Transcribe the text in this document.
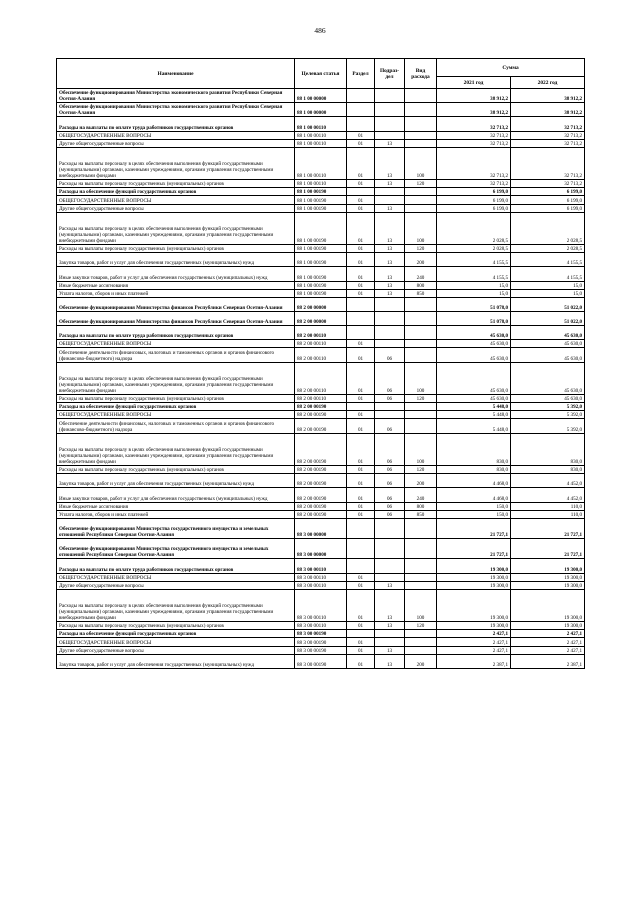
486
Наименование	Целевая статья	Раздел	Подраз-дел	Вид расхода	Сумма	
					2021 год	2022 год
Обеспечение функционирования Министерства экономического развития Республики Северная Осетия-Алания	88 1 00 00000				38 912,2	38 912,2
Обеспечение функционирования Министерства экономического развития Республики Северная Осетия-Алания	88 1 00 00000				38 912,2	38 912,2
Расходы на выплаты по оплате труда работников государственных органов	88 1 00 00110				32 713,2	32 713,2
ОБЩЕГОСУДАРСТВЕННЫЕ ВОПРОСЫ	88 1 00 00110	01			32 713,2	32 713,2
Другие общегосударственные вопросы	88 1 00 00110	01	13		32 713,2	32 713,2
Расходы на выплаты персоналу в целях обеспечения выполнения функций государственными (муниципальными) органами, казенными учреждениями, органами управления государственными внебюджетными фондами	88 1 00 00110	01	13	100	32 713,2	32 713,2
Расходы на выплаты персоналу государственных (муниципальных) органов	88 1 00 00110	01	13	120	32 713,2	32 713,2
Расходы на обеспечение функций государственных органов	88 1 00 00190				6 199,0	6 199,0
ОБЩЕГОСУДАРСТВЕННЫЕ ВОПРОСЫ	88 1 00 00190	01			6 199,0	6 199,0
Другие общегосударственные вопросы	88 1 00 00190	01	13		6 199,0	6 199,0
Расходы на выплаты персоналу в целях обеспечения выполнения функций государственными (муниципальными) органами, казенными учреждениями, органами управления государственными внебюджетными фондами	88 1 00 00190	01	13	100	2 028,5	2 028,5
Расходы на выплаты персоналу государственных (муниципальных) органов	88 1 00 00190	01	13	120	2 028,5	2 028,5
Закупка товаров, работ и услуг для обеспечения государственных (муниципальных) нужд	88 1 00 00190	01	13	200	4 155,5	4 155,5
Иные закупки товаров, работ и услуг для обеспечения государственных (муниципальных) нужд	88 1 00 00190	01	13	240	4 155,5	4 155,5
Иные бюджетные ассигнования	88 1 00 00190	01	13	800	15,0	15,0
Уплата налогов, сборов и иных платежей	88 1 00 00190	01	13	850	15,0	15,0
Обеспечение функционирования Министерства финансов Республики Северная Осетия-Алания	88 2 00 00000				51 078,0	51 022,0
Обеспечение функционирования Министерства финансов Республики Северная Осетия-Алания	88 2 00 00000				51 078,0	51 022,0
Расходы на выплаты по оплате труда работников государственных органов	88 2 00 00110				45 630,0	45 630,0
ОБЩЕГОСУДАРСТВЕННЫЕ ВОПРОСЫ	88 2 00 00110	01			45 630,0	45 630,0
Обеспечение деятельности финансовых, налоговых и таможенных органов и органов финансового (финансово-бюджетного) надзора	88 2 00 00110	01	06		45 630,0	45 630,0
Расходы на выплаты персоналу в целях обеспечения выполнения функций государственными (муниципальными) органами, казенными учреждениями, органами управления государственными внебюджетными фондами	88 2 00 00110	01	06	100	45 630,0	45 630,0
Расходы на выплаты персоналу государственных (муниципальных) органов	88 2 00 00110	01	06	120	45 630,0	45 630,0
Расходы на обеспечение функций государственных органов	88 2 00 00190				5 448,0	5 392,0
ОБЩЕГОСУДАРСТВЕННЫЕ ВОПРОСЫ	88 2 00 00190	01			5 448,0	5 392,0
Обеспечение деятельности финансовых, налоговых и таможенных органов и органов финансового (финансово-бюджетного) надзора	88 2 00 00190	01	06		5 448,0	5 392,0
Расходы на выплаты персоналу в целях обеспечения выполнения функций государственными (муниципальными) органами, казенными учреждениями, органами управления государственными внебюджетными фондами	88 2 00 00190	01	06	100	830,0	830,0
Расходы на выплаты персоналу государственных (муниципальных) органов	88 2 00 00190	01	06	120	830,0	830,0
Закупка товаров, работ и услуг для обеспечения государственных (муниципальных) нужд	88 2 00 00190	01	06	200	4 468,0	4 452,0
Иные закупки товаров, работ и услуг для обеспечения государственных (муниципальных) нужд	88 2 00 00190	01	06	240	4 468,0	4 452,0
Иные бюджетные ассигнования	88 2 00 00190	01	06	800	150,0	110,0
Уплата налогов, сборов и иных платежей	88 2 00 00190	01	06	850	150,0	110,0
Обеспечение функционирования Министерства государственного имущества и земельных отношений Республики Северная Осетия-Алания	88 3 00 00000				21 727,1	21 727,1
Обеспечение функционирования Министерства государственного имущества и земельных отношений Республики Северная Осетия-Алания	88 3 00 00000				21 727,1	21 727,1
Расходы на выплаты по оплате труда работников государственных органов	88 3 00 00110				19 300,0	19 300,0
ОБЩЕГОСУДАРСТВЕННЫЕ ВОПРОСЫ	88 3 00 00110	01			19 300,0	19 300,0
Другие общегосударственные вопросы	88 3 00 00110	01	13		19 300,0	19 300,0
Расходы на выплаты персоналу в целях обеспечения выполнения функций государственными (муниципальными) органами, казенными учреждениями, органами управления государственными внебюджетными фондами	88 3 00 00110	01	13	100	19 300,0	19 300,0
Расходы на выплаты персоналу государственных (муниципальных) органов	88 3 00 00110	01	13	120	19 300,0	19 300,0
Расходы на обеспечение функций государственных органов	88 3 00 00190				2 427,1	2 427,1
ОБЩЕГОСУДАРСТВЕННЫЕ ВОПРОСЫ	88 3 00 00190	01			2 427,1	2 427,1
Другие общегосударственные вопросы	88 3 00 00190	01	13		2 427,1	2 427,1
Закупка товаров, работ и услуг для обеспечения государственных (муниципальных) нужд	88 3 00 00190	01	13	200	2 387,1	2 387,1
